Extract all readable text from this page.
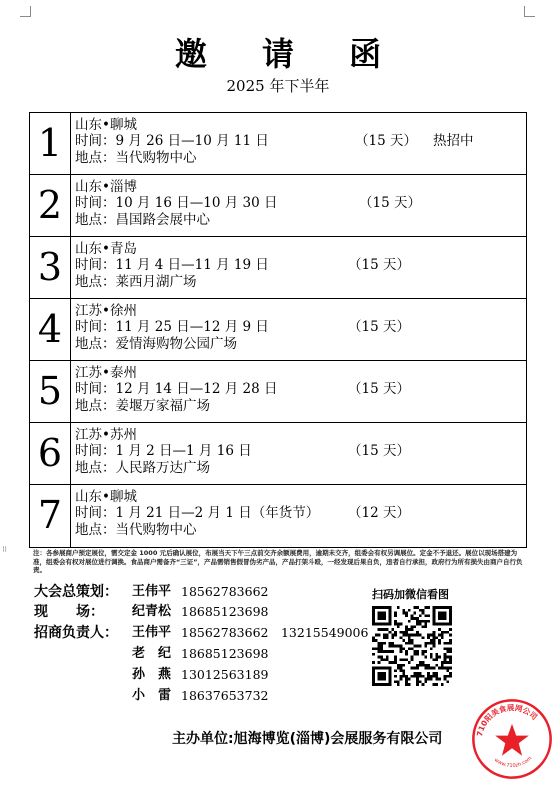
⠿
邀 请 函
2025 年下半年
1 山东•聊城
时间：9 月 26 日—10 月 11 日	（15 天） 热招中
地点：当代购物中心
2 山东•淄博
时间：10 月 16 日—10 月 30 日	（15 天）
地点：昌国路会展中心
3 山东•青岛
时间：11 月 4 日—11 月 19 日	（15 天）
地点：莱西月湖广场
4 江苏•徐州
时间：11 月 25 日—12 月 9 日	（15 天）
地点：爱情海购物公园广场
5 江苏•泰州
时间：12 月 14 日—12 月 28 日	（15 天）
地点：姜堰万家福广场
6 江苏•苏州
时间：1 月 2 日—1 月 16 日	（15 天）
地点：人民路万达广场
7 山东•聊城
时间：1 月 21 日—2 月 1 日（年货节） （12 天）
地点：当代购物中心
注：各参展商户预定展位，需交定金 1000 元后确认展位，布展当天下午三点前交齐余额展费用，逾期未交齐，组委会有权另调展位。定金不予退还。展位以现场搭建为准，组委会有权对展位进行调换。食品商户需备齐“三证”，产品需销售假冒伪劣产品，产品打架斗殴，一经发现后果自负，违者自行承担，政府行为所有损失由商户自行负责。
大会总策划： 王伟平 18562783662
现　　场： 纪青松 18685123698
招商负责人： 王伟平 18562783662　13215549006
老　纪 18685123698
孙　燕 13012563189
小　雷 18637653732
扫码加微信看图
主办单位:旭海博览(淄博)会展服务有限公司	710阳美食展网公司
www.710zh.com
